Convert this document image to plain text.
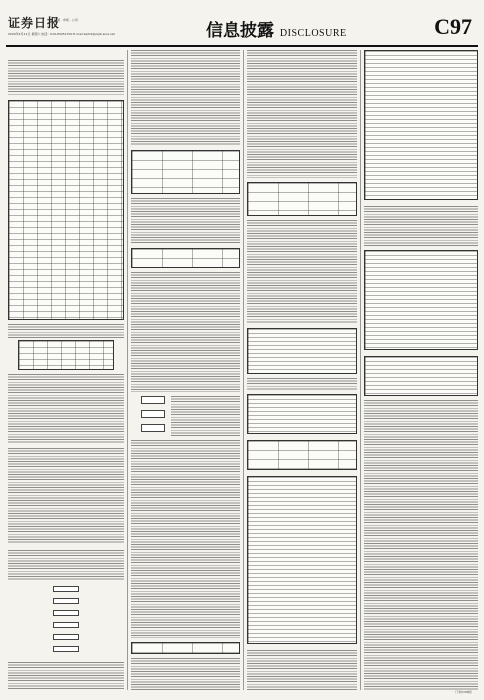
证券日报
新闻 · 市场 · 公司
2020年4月11日 星期六 电话：010-83251700 E-mail:zqrb9@zqrb.sina.net	信息披露 DISCLOSURE	C97
（下转C98版）
